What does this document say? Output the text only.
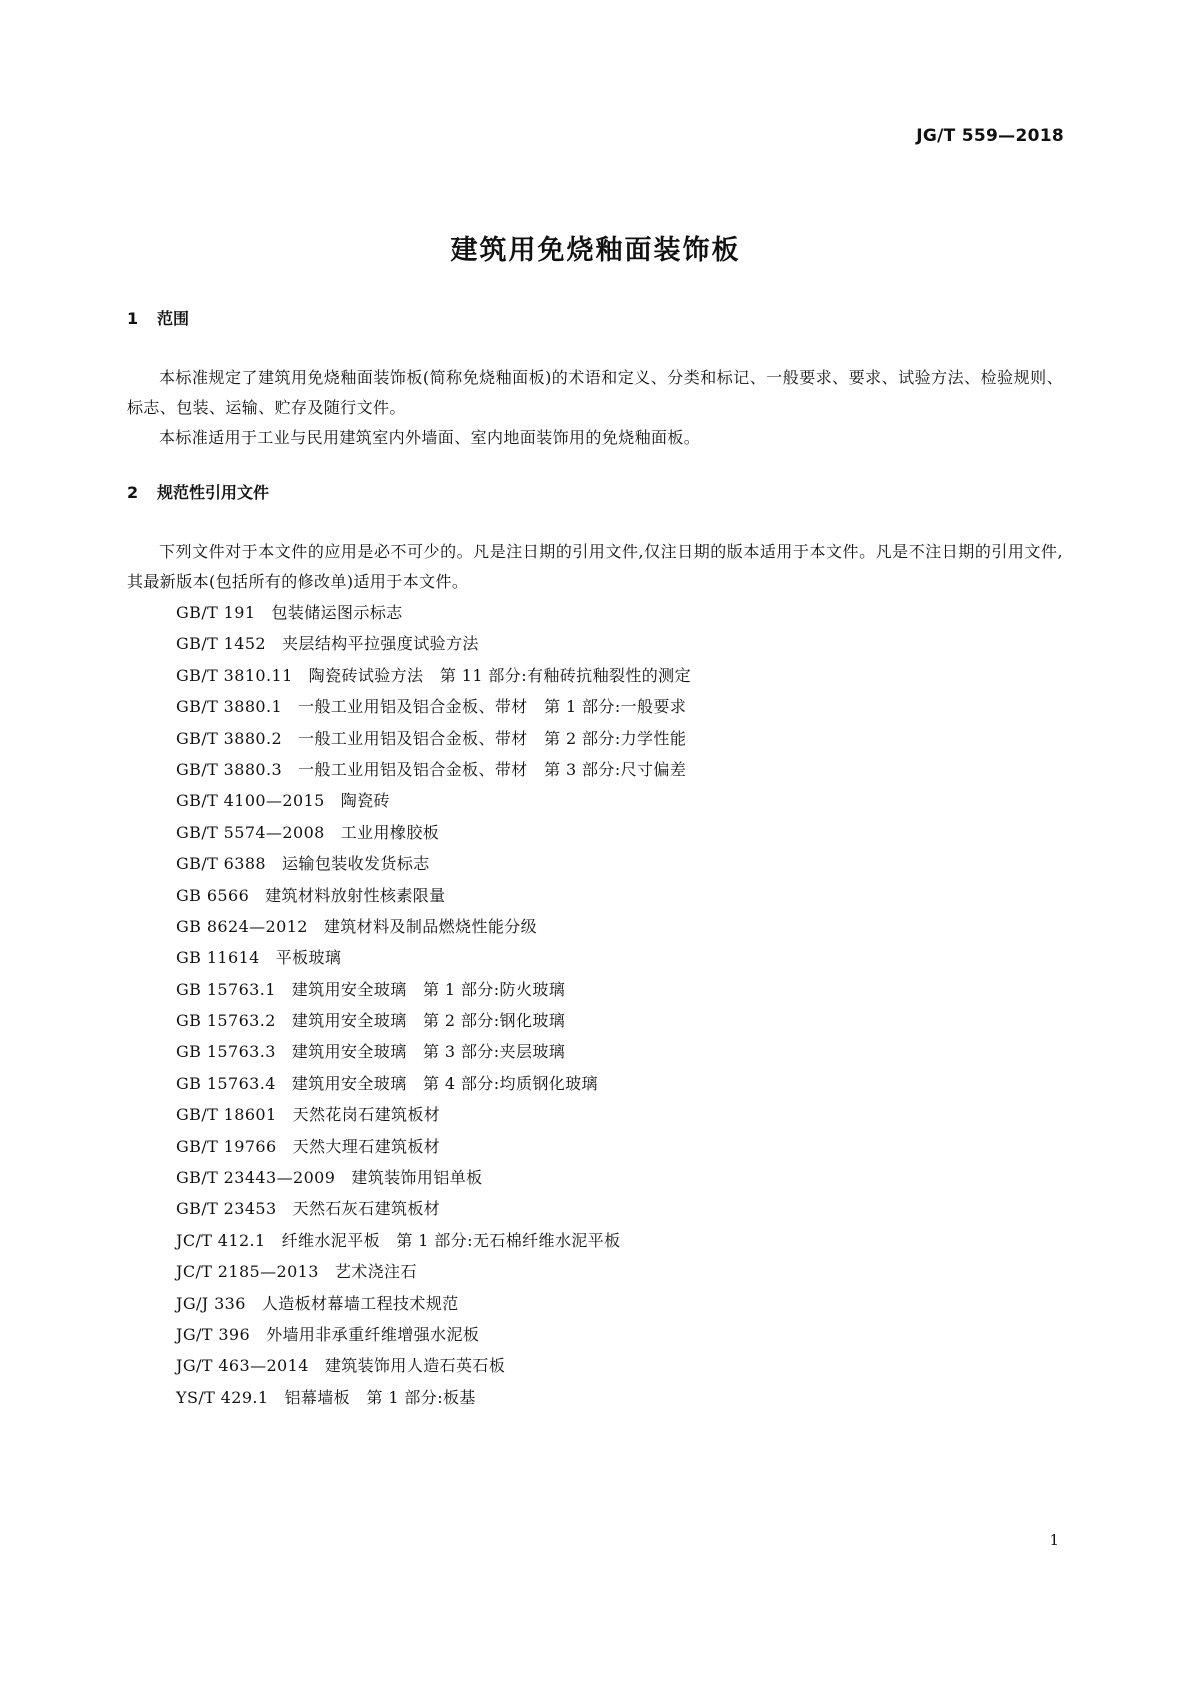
JG/T 559—2018
建筑用免烧釉面装饰板
1 范围

本标准规定了建筑用免烧釉面装饰板(简称免烧釉面板)的术语和定义、分类和标记、一般要求、要求、试验方法、检验规则、标志、包装、运输、贮存及随行文件。

本标准适用于工业与民用建筑室内外墙面、室内地面装饰用的免烧釉面板。

2 规范性引用文件

下列文件对于本文件的应用是必不可少的。凡是注日期的引用文件,仅注日期的版本适用于本文件。凡是不注日期的引用文件,其最新版本(包括所有的修改单)适用于本文件。

GB/T 191 包装储运图示标志
GB/T 1452 夹层结构平拉强度试验方法
GB/T 3810.11 陶瓷砖试验方法　第 11 部分:有釉砖抗釉裂性的测定
GB/T 3880.1 一般工业用铝及铝合金板、带材　第 1 部分:一般要求
GB/T 3880.2 一般工业用铝及铝合金板、带材　第 2 部分:力学性能
GB/T 3880.3 一般工业用铝及铝合金板、带材　第 3 部分:尺寸偏差
GB/T 4100—2015 陶瓷砖
GB/T 5574—2008 工业用橡胶板
GB/T 6388 运输包装收发货标志
GB 6566 建筑材料放射性核素限量
GB 8624—2012 建筑材料及制品燃烧性能分级
GB 11614 平板玻璃
GB 15763.1 建筑用安全玻璃　第 1 部分:防火玻璃
GB 15763.2 建筑用安全玻璃　第 2 部分:钢化玻璃
GB 15763.3 建筑用安全玻璃　第 3 部分:夹层玻璃
GB 15763.4 建筑用安全玻璃　第 4 部分:均质钢化玻璃
GB/T 18601 天然花岗石建筑板材
GB/T 19766 天然大理石建筑板材
GB/T 23443—2009 建筑装饰用铝单板
GB/T 23453 天然石灰石建筑板材
JC/T 412.1 纤维水泥平板　第 1 部分:无石棉纤维水泥平板
JC/T 2185—2013 艺术浇注石
JG/J 336 人造板材幕墙工程技术规范
JG/T 396 外墙用非承重纤维增强水泥板
JG/T 463—2014 建筑装饰用人造石英石板
YS/T 429.1 铝幕墙板　第 1 部分:板基
1
